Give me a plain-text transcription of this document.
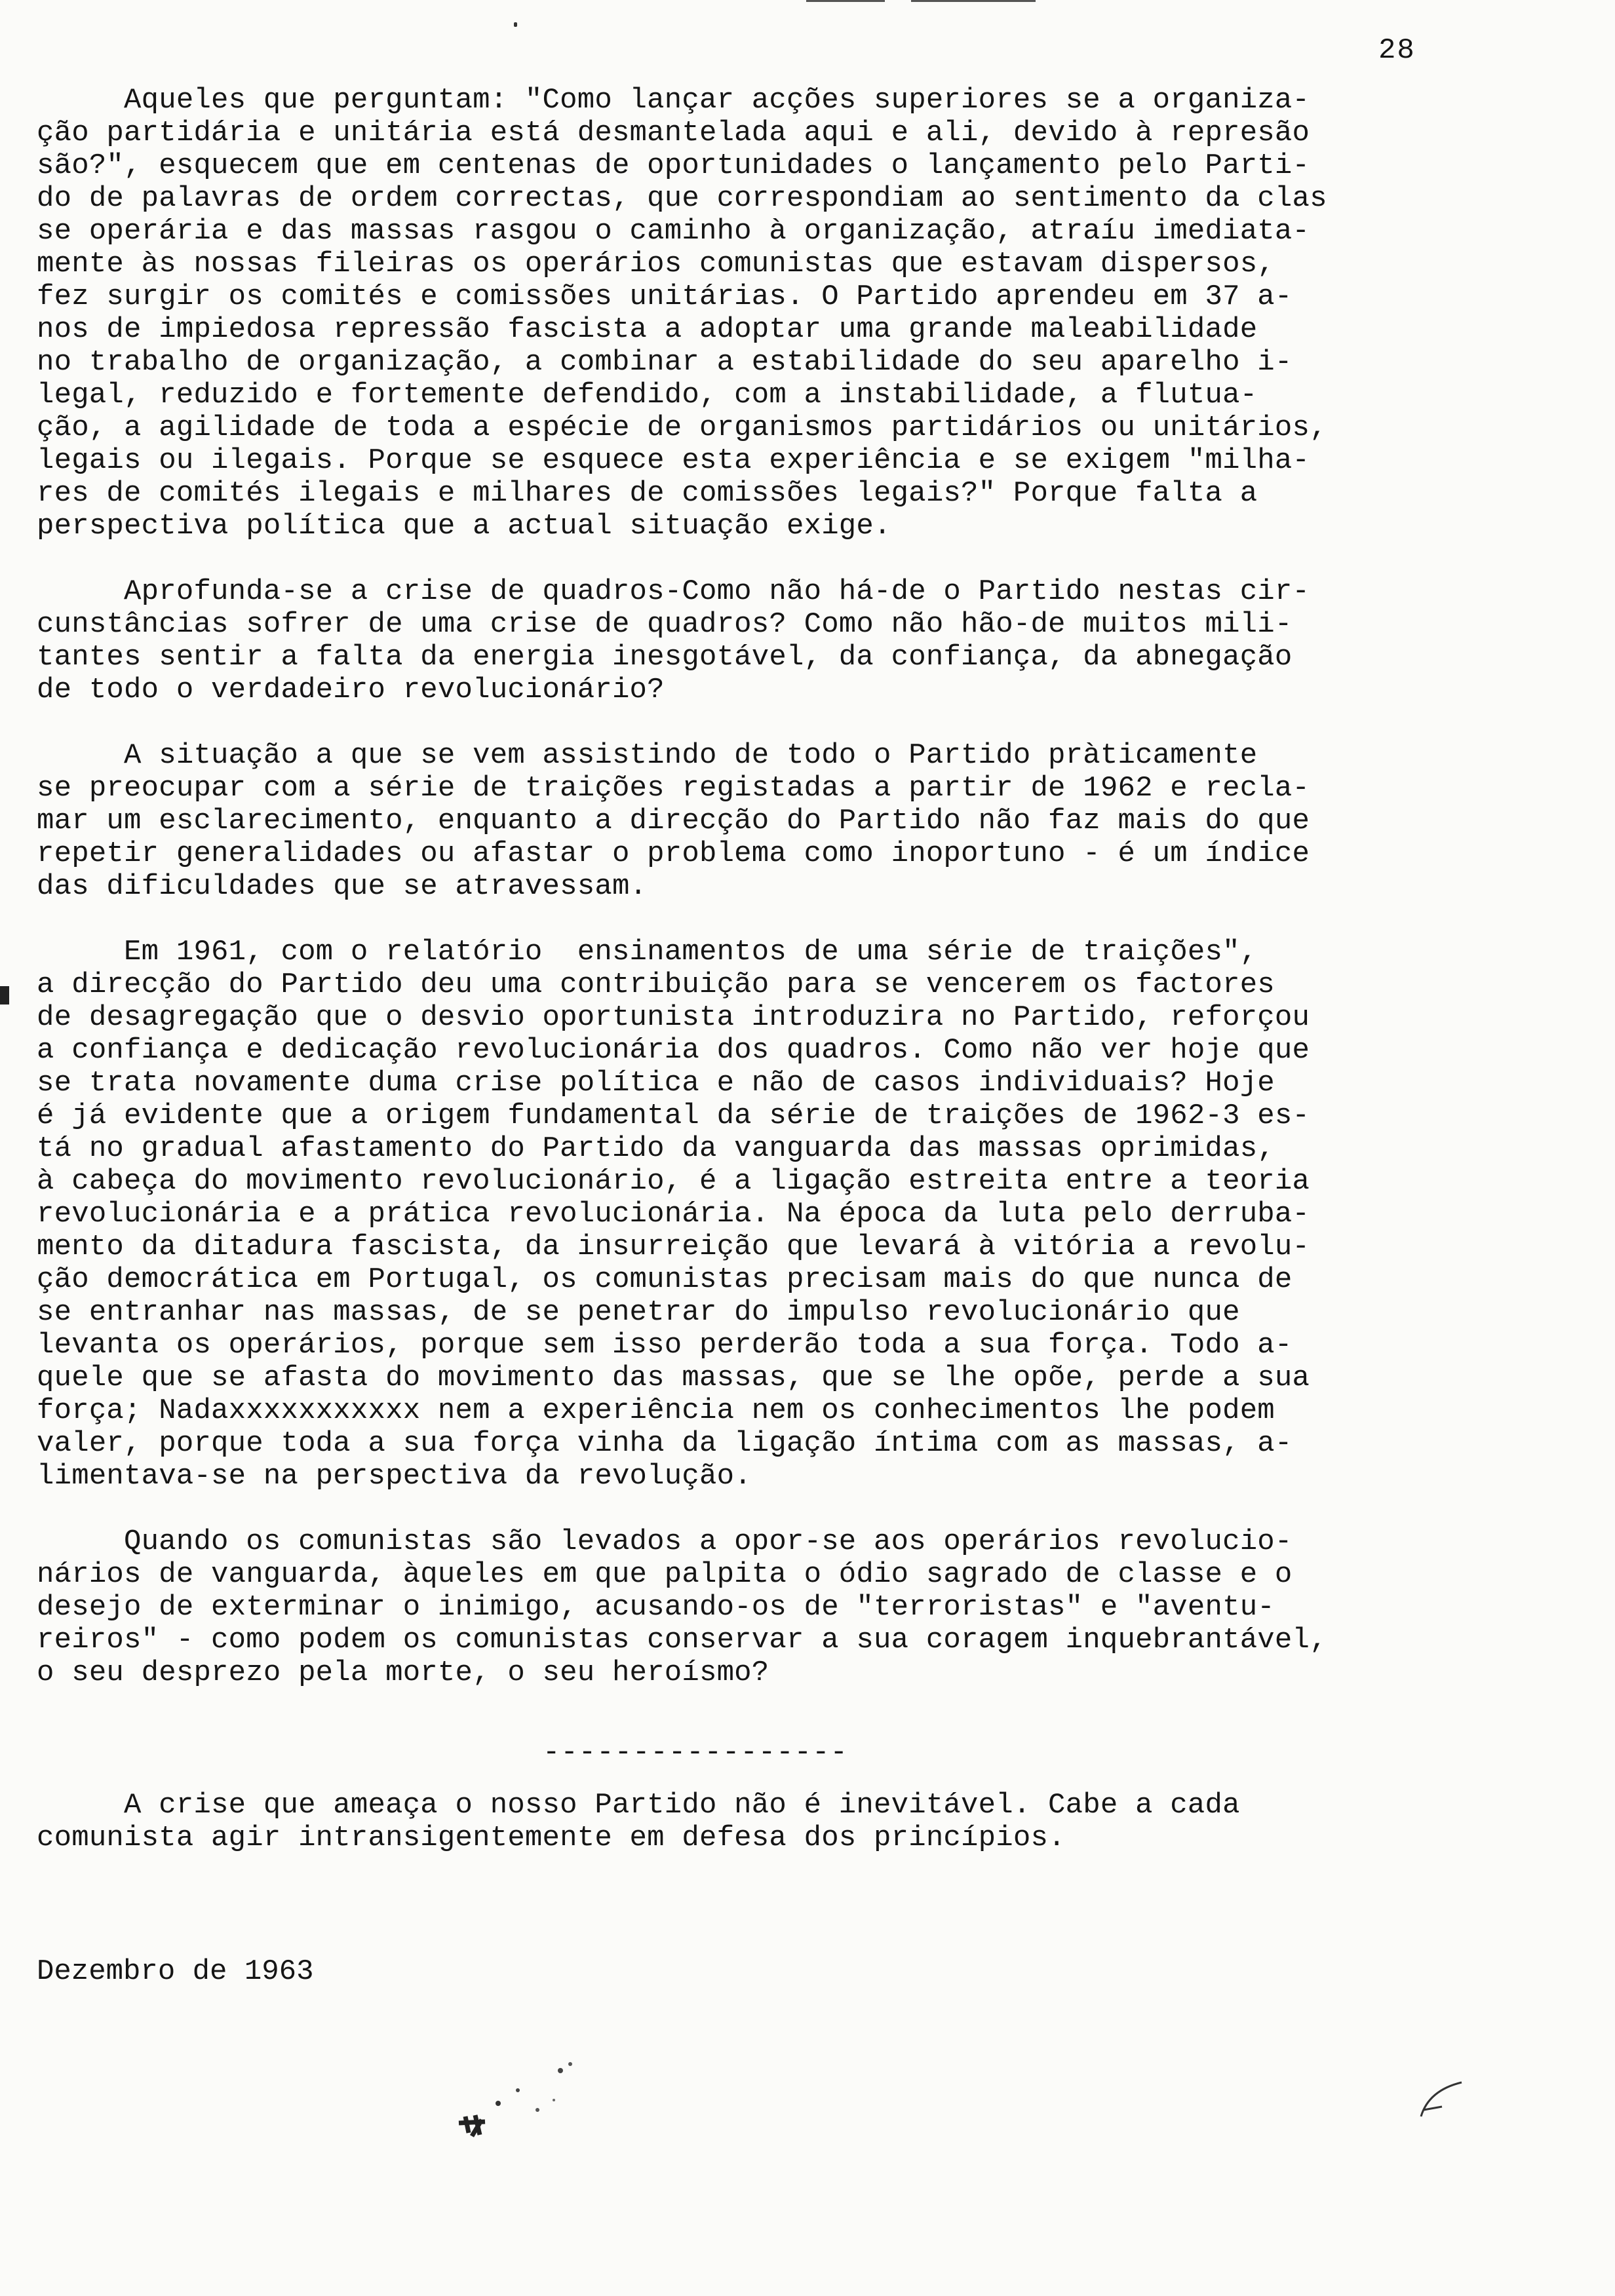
28
Aqueles que perguntam: "Como lançar acções superiores se a organiza-
ção partidária e unitária está desmantelada aqui e ali, devido à represão
são?", esquecem que em centenas de oportunidades o lançamento pelo Parti-
do de palavras de ordem correctas, que correspondiam ao sentimento da clas
se operária e das massas rasgou o caminho à organização, atraíu imediata-
mente às nossas fileiras os operários comunistas que estavam dispersos,
fez surgir os comités e comissões unitárias. O Partido aprendeu em 37 a-
nos de impiedosa repressão fascista a adoptar uma grande maleabilidade
no trabalho de organização, a combinar a estabilidade do seu aparelho i-
legal, reduzido e fortemente defendido, com a instabilidade, a flutua-
ção, a agilidade de toda a espécie de organismos partidários ou unitários,
legais ou ilegais. Porque se esquece esta experiência e se exigem "milha-
res de comités ilegais e milhares de comissões legais?" Porque falta a
perspectiva política que a actual situação exige.
Aprofunda-se a crise de quadros-Como não há-de o Partido nestas cir-
cunstâncias sofrer de uma crise de quadros? Como não hão-de muitos mili-
tantes sentir a falta da energia inesgotável, da confiança, da abnegação
de todo o verdadeiro revolucionário?
A situação a que se vem assistindo de todo o Partido pràticamente
se preocupar com a série de traições registadas a partir de 1962 e recla-
mar um esclarecimento, enquanto a direcção do Partido não faz mais do que
repetir generalidades ou afastar o problema como inoportuno - é um índice
das dificuldades que se atravessam.
Em 1961, com o relatório  ensinamentos de uma série de traições",
a direcção do Partido deu uma contribuição para se vencerem os factores
de desagregação que o desvio oportunista introduzira no Partido, reforçou
a confiança e dedicação revolucionária dos quadros. Como não ver hoje que
se trata novamente duma crise política e não de casos individuais? Hoje
é já evidente que a origem fundamental da série de traições de 1962-3 es-
tá no gradual afastamento do Partido da vanguarda das massas oprimidas,
à cabeça do movimento revolucionário, é a ligação estreita entre a teoria
revolucionária e a prática revolucionária. Na época da luta pelo derruba-
mento da ditadura fascista, da insurreição que levará à vitória a revolu-
ção democrática em Portugal, os comunistas precisam mais do que nunca de
se entranhar nas massas, de se penetrar do impulso revolucionário que
levanta os operários, porque sem isso perderão toda a sua força. Todo a-
quele que se afasta do movimento das massas, que se lhe opõe, perde a sua
força; Nadaxxxxxxxxxxx nem a experiência nem os conhecimentos lhe podem
valer, porque toda a sua força vinha da ligação íntima com as massas, a-
limentava-se na perspectiva da revolução.
Quando os comunistas são levados a opor-se aos operários revolucio-
nários de vanguarda, àqueles em que palpita o ódio sagrado de classe e o
desejo de exterminar o inimigo, acusando-os de "terroristas" e "aventu-
reiros" - como podem os comunistas conservar a sua coragem inquebrantável,
o seu desprezo pela morte, o seu heroísmo?
-----------------
A crise que ameaça o nosso Partido não é inevitável. Cabe a cada
comunista agir intransigentemente em defesa dos princípios.
Dezembro de 1963
